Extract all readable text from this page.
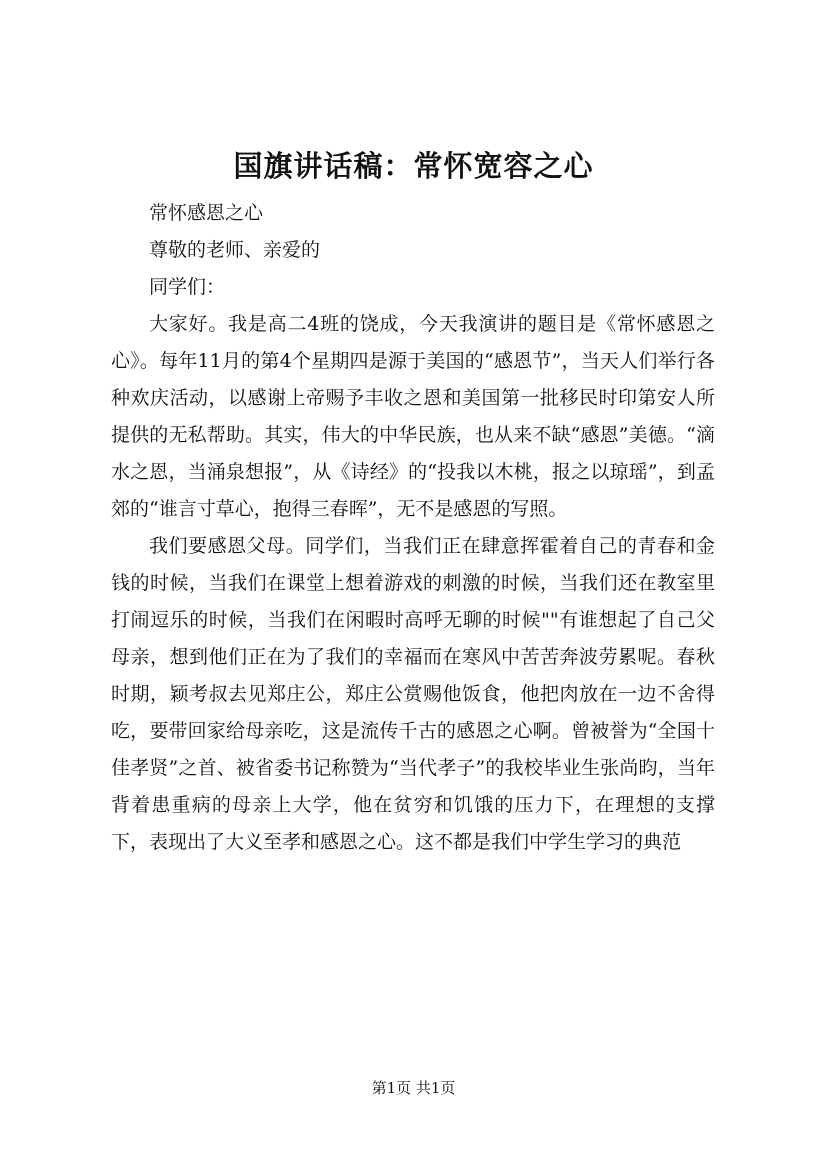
国旗讲话稿：常怀宽容之心

常怀感恩之心

尊敬的老师、亲爱的

同学们：

大家好。我是高二4班的饶成，今天我演讲的题目是《常怀感恩之心》。每年11月的第4个星期四是源于美国的“感恩节”，当天人们举行各种欢庆活动，以感谢上帝赐予丰收之恩和美国第一批移民时印第安人所提供的无私帮助。其实，伟大的中华民族，也从来不缺“感恩”美德。“滴水之恩，当涌泉想报”，从《诗经》的“投我以木桃，报之以琼瑶”，到孟郊的“谁言寸草心，抱得三春晖”，无不是感恩的写照。

我们要感恩父母。同学们，当我们正在肆意挥霍着自己的青春和金钱的时候，当我们在课堂上想着游戏的刺激的时候，当我们还在教室里打闹逗乐的时候，当我们在闲暇时高呼无聊的时候""有谁想起了自己父母亲，想到他们正在为了我们的幸福而在寒风中苦苦奔波劳累呢。春秋时期，颖考叔去见郑庄公，郑庄公赏赐他饭食，他把肉放在一边不舍得吃，要带回家给母亲吃，这是流传千古的感恩之心啊。曾被誉为“全国十佳孝贤”之首、被省委书记称赞为“当代孝子”的我校毕业生张尚昀，当年背着患重病的母亲上大学，他在贫穷和饥饿的压力下，在理想的支撑下，表现出了大义至孝和感恩之心。这不都是我们中学生学习的典范

第1页 共1页
